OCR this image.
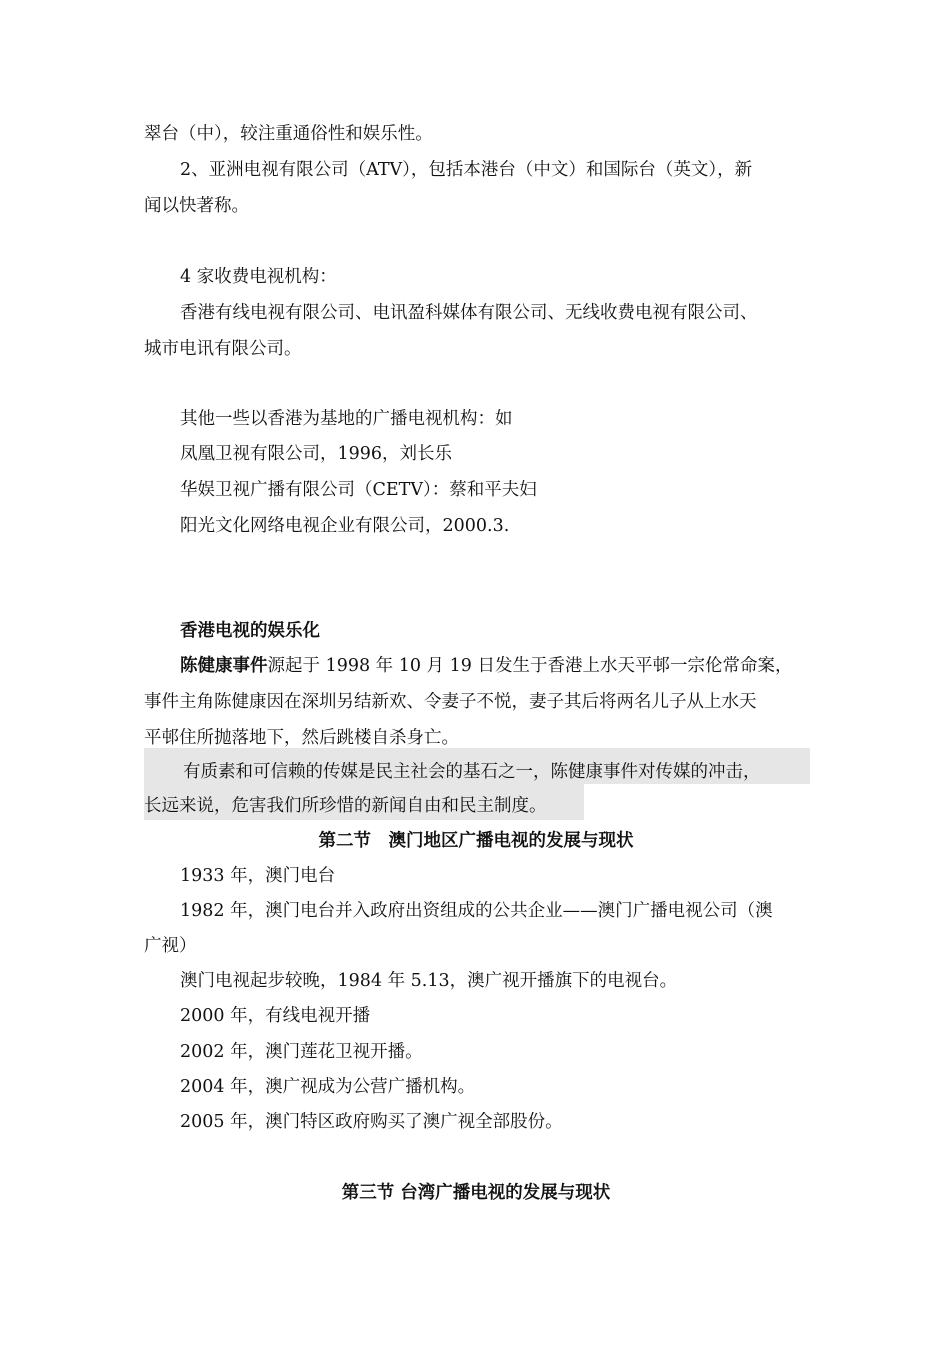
翠台（中），较注重通俗性和娱乐性。

2、亚洲电视有限公司（ATV），包括本港台（中文）和国际台（英文），新

闻以快著称。

4 家收费电视机构：

香港有线电视有限公司、电讯盈科媒体有限公司、无线收费电视有限公司、

城市电讯有限公司。

其他一些以香港为基地的广播电视机构：如

凤凰卫视有限公司，1996，刘长乐

华娱卫视广播有限公司（CETV）：蔡和平夫妇

阳光文化网络电视企业有限公司，2000.3.

香港电视的娱乐化

陈健康事件源起于 1998 年 10 月 19 日发生于香港上水天平邨一宗伦常命案，

事件主角陈健康因在深圳另结新欢、令妻子不悦，妻子其后将两名儿子从上水天

平邨住所抛落地下，然后跳楼自杀身亡。

有质素和可信赖的传媒是民主社会的基石之一，陈健康事件对传媒的冲击，

长远来说，危害我们所珍惜的新闻自由和民主制度。

第二节　澳门地区广播电视的发展与现状

1933 年，澳门电台

1982 年，澳门电台并入政府出资组成的公共企业——澳门广播电视公司（澳

广视）

澳门电视起步较晚，1984 年 5.13，澳广视开播旗下的电视台。

2000 年，有线电视开播

2002 年，澳门莲花卫视开播。

2004 年，澳广视成为公营广播机构。

2005 年，澳门特区政府购买了澳广视全部股份。

第三节 台湾广播电视的发展与现状
